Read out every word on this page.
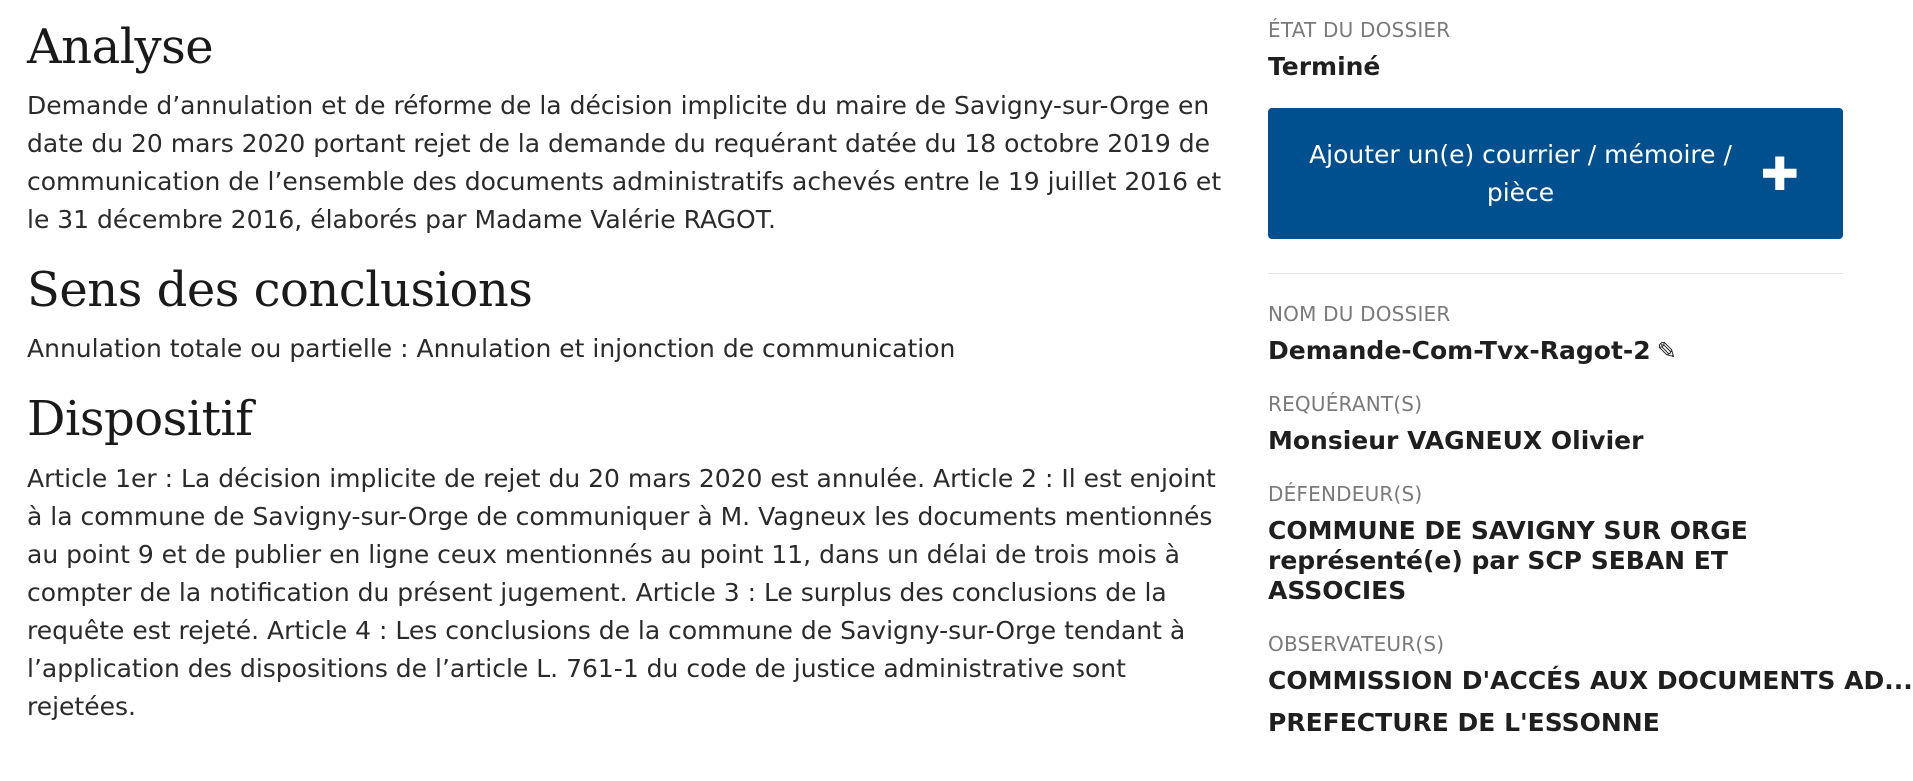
Analyse

Demande d’annulation et de réforme de la décision implicite du maire de Savigny-sur-Orge en date du 20 mars 2020 portant rejet de la demande du requérant datée du 18 octobre 2019 de communication de l’ensemble des documents administratifs achevés entre le 19 juillet 2016 et le 31 décembre 2016, élaborés par Madame Valérie RAGOT.

Sens des conclusions

Annulation totale ou partielle : Annulation et injonction de communication

Dispositif

Article 1er : La décision implicite de rejet du 20 mars 2020 est annulée. Article 2 : Il est enjoint à la commune de Savigny-sur-Orge de communiquer à M. Vagneux les documents mentionnés au point 9 et de publier en ligne ceux mentionnés au point 11, dans un délai de trois mois à compter de la notification du présent jugement. Article 3 : Le surplus des conclusions de la requête est rejeté. Article 4 : Les conclusions de la commune de Savigny-sur-Orge tendant à l’application des dispositions de l’article L. 761-1 du code de justice administrative sont rejetées.

ÉTAT DU DOSSIER
Terminé
Ajouter un(e) courrier / mémoire / pièce	✚
NOM DU DOSSIER
Demande-Com-Tvx-Ragot-2 ✎
REQUÉRANT(S)
Monsieur VAGNEUX Olivier
DÉFENDEUR(S)
COMMUNE DE SAVIGNY SUR ORGE
représenté(e) par SCP SEBAN ET ASSOCIES
OBSERVATEUR(S)
COMMISSION D'ACCÉS AUX DOCUMENTS AD...
PREFECTURE DE L'ESSONNE
